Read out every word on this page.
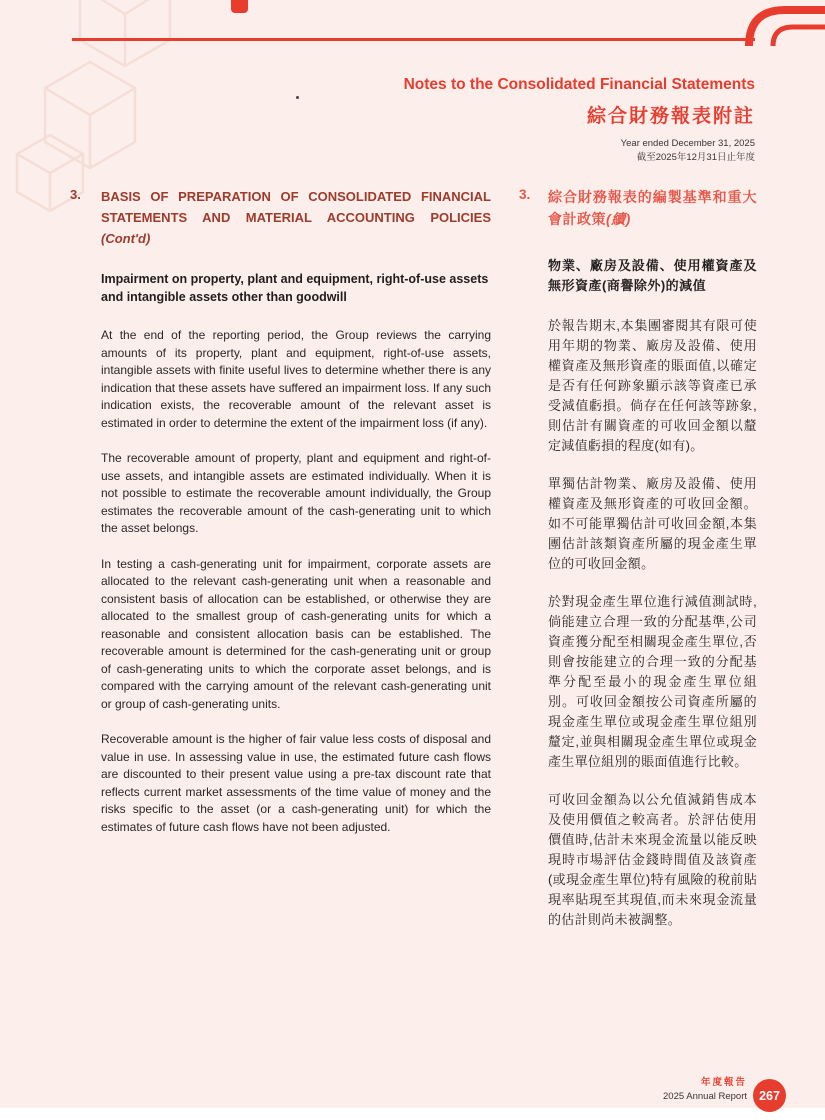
Notes to the Consolidated Financial Statements
綜合財務報表附註
Year ended December 31, 2025
截至2025年12月31日止年度
3.	BASIS OF PREPARATION OF CONSOLIDATED FINANCIAL STATEMENTS AND MATERIAL ACCOUNTING POLICIES
(Cont'd)
Impairment on property, plant and equipment, right-of-use assets and intangible assets other than goodwill

At the end of the reporting period, the Group reviews the carrying amounts of its property, plant and equipment, right-of-use assets, intangible assets with finite useful lives to determine whether there is any indication that these assets have suffered an impairment loss. If any such indication exists, the recoverable amount of the relevant asset is estimated in order to determine the extent of the impairment loss (if any).

The recoverable amount of property, plant and equipment and right-of-use assets, and intangible assets are estimated individually. When it is not possible to estimate the recoverable amount individually, the Group estimates the recoverable amount of the cash-generating unit to which the asset belongs.

In testing a cash-generating unit for impairment, corporate assets are allocated to the relevant cash-generating unit when a reasonable and consistent basis of allocation can be established, or otherwise they are allocated to the smallest group of cash-generating units for which a reasonable and consistent allocation basis can be established. The recoverable amount is determined for the cash-generating unit or group of cash-generating units to which the corporate asset belongs, and is compared with the carrying amount of the relevant cash-generating unit or group of cash-generating units.

Recoverable amount is the higher of fair value less costs of disposal and value in use. In assessing value in use, the estimated future cash flows are discounted to their present value using a pre-tax discount rate that reflects current market assessments of the time value of money and the risks specific to the asset (or a cash-generating unit) for which the estimates of future cash flows have not been adjusted.

3.	綜合財務報表的編製基準和重大會計政策(續)
物業、廠房及設備、使用權資產及無形資產(商譽除外)的減值

於報告期末,本集團審閱其有限可使用年期的物業、廠房及設備、使用權資產及無形資產的賬面值,以確定是否有任何跡象顯示該等資產已承受減值虧損。倘存在任何該等跡象,則估計有關資產的可收回金額以釐定減值虧損的程度(如有)。

單獨估計物業、廠房及設備、使用權資產及無形資產的可收回金額。如不可能單獨估計可收回金額,本集團估計該類資產所屬的現金產生單位的可收回金額。

於對現金產生單位進行減值測試時,倘能建立合理一致的分配基準,公司資產獲分配至相關現金產生單位,否則會按能建立的合理一致的分配基準分配至最小的現金產生單位組別。可收回金額按公司資產所屬的現金產生單位或現金產生單位組別釐定,並與相關現金產生單位或現金產生單位組別的賬面值進行比較。

可收回金額為以公允值減銷售成本及使用價值之較高者。於評估使用價值時,估計未來現金流量以能反映現時市場評估金錢時間值及該資產(或現金產生單位)特有風險的稅前貼現率貼現至其現值,而未來現金流量的估計則尚未被調整。

年度報告
2025 Annual Report 267
